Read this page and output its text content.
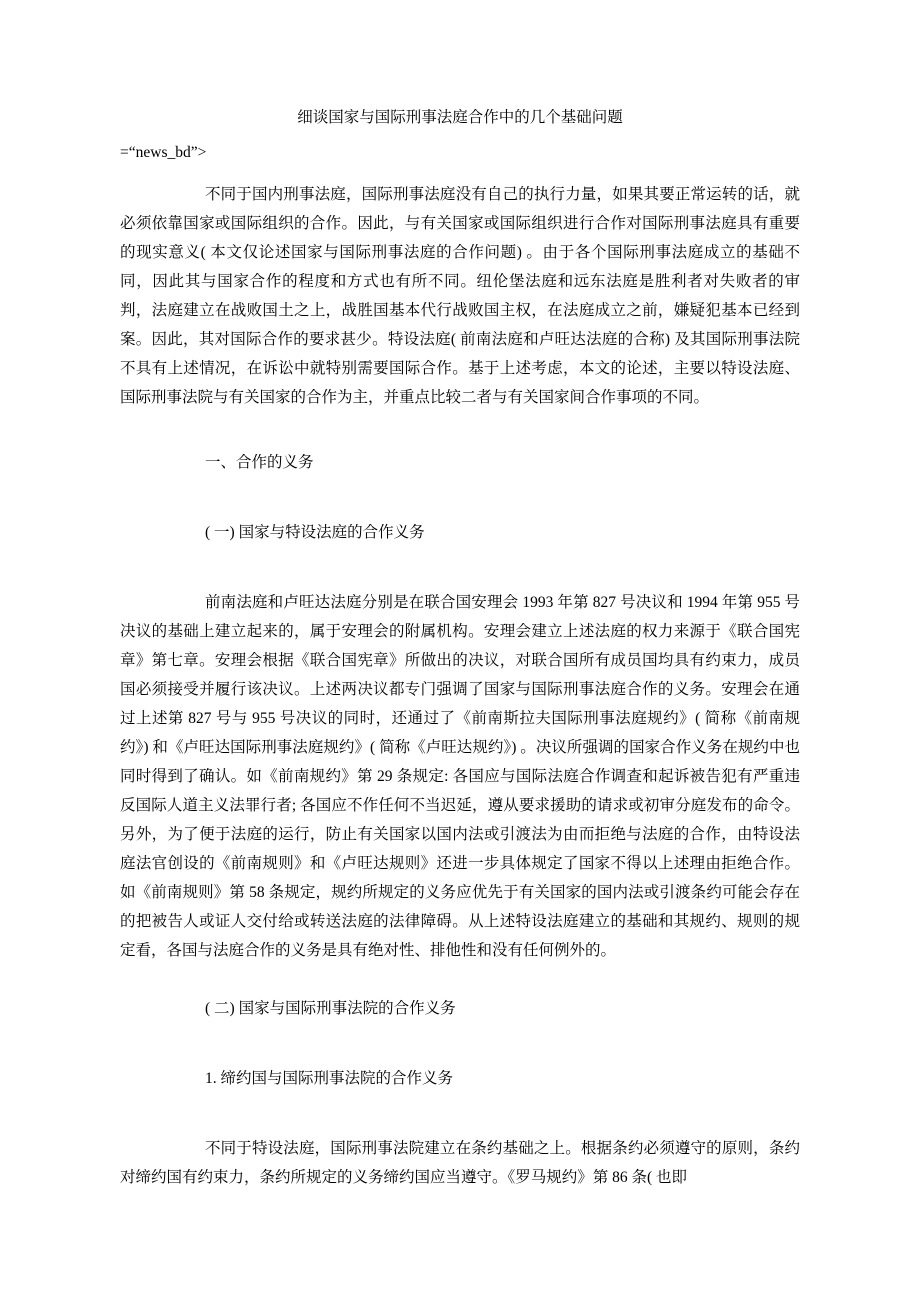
细谈国家与国际刑事法庭合作中的几个基础问题

=“news_bd”>

不同于国内刑事法庭，国际刑事法庭没有自己的执行力量，如果其要正常运转的话，就必须依靠国家或国际组织的合作。因此，与有关国家或国际组织进行合作对国际刑事法庭具有重要的现实意义( 本文仅论述国家与国际刑事法庭的合作问题) 。由于各个国际刑事法庭成立的基础不同，因此其与国家合作的程度和方式也有所不同。纽伦堡法庭和远东法庭是胜利者对失败者的审判，法庭建立在战败国土之上，战胜国基本代行战败国主权，在法庭成立之前，嫌疑犯基本已经到案。因此，其对国际合作的要求甚少。特设法庭( 前南法庭和卢旺达法庭的合称) 及其国际刑事法院不具有上述情况，在诉讼中就特别需要国际合作。基于上述考虑，本文的论述，主要以特设法庭、国际刑事法院与有关国家的合作为主，并重点比较二者与有关国家间合作事项的不同。

一、合作的义务

( 一) 国家与特设法庭的合作义务

前南法庭和卢旺达法庭分别是在联合国安理会 1993 年第 827 号决议和 1994 年第 955 号决议的基础上建立起来的，属于安理会的附属机构。安理会建立上述法庭的权力来源于《联合国宪章》第七章。安理会根据《联合国宪章》所做出的决议，对联合国所有成员国均具有约束力，成员国必须接受并履行该决议。上述两决议都专门强调了国家与国际刑事法庭合作的义务。安理会在通过上述第 827 号与 955 号决议的同时，还通过了《前南斯拉夫国际刑事法庭规约》( 简称《前南规约》) 和《卢旺达国际刑事法庭规约》( 简称《卢旺达规约》) 。决议所强调的国家合作义务在规约中也同时得到了确认。如《前南规约》第 29 条规定: 各国应与国际法庭合作调查和起诉被告犯有严重违反国际人道主义法罪行者; 各国应不作任何不当迟延，遵从要求援助的请求或初审分庭发布的命令。另外，为了便于法庭的运行，防止有关国家以国内法或引渡法为由而拒绝与法庭的合作，由特设法庭法官创设的《前南规则》和《卢旺达规则》还进一步具体规定了国家不得以上述理由拒绝合作。如《前南规则》第 58 条规定，规约所规定的义务应优先于有关国家的国内法或引渡条约可能会存在的把被告人或证人交付给或转送法庭的法律障碍。从上述特设法庭建立的基础和其规约、规则的规定看，各国与法庭合作的义务是具有绝对性、排他性和没有任何例外的。

( 二) 国家与国际刑事法院的合作义务

1. 缔约国与国际刑事法院的合作义务

不同于特设法庭，国际刑事法院建立在条约基础之上。根据条约必须遵守的原则，条约对缔约国有约束力，条约所规定的义务缔约国应当遵守。《罗马规约》第 86 条( 也即
